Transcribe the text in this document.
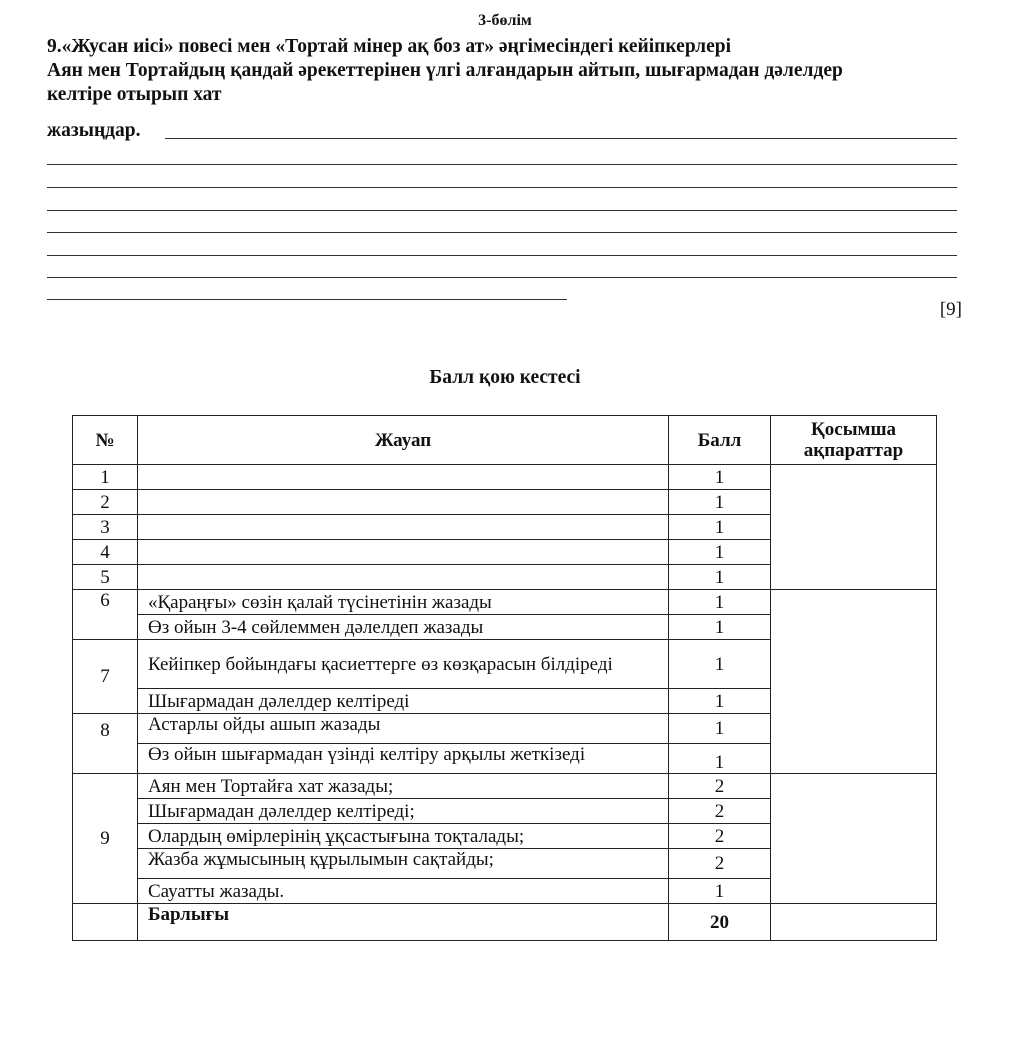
3-бөлім
9.«Жусан иісі» повесі мен «Тортай мінер ақ боз ат» әңгімесіндегі кейіпкерлері
Аян мен Тортайдың қандай әрекеттерінен үлгі алғандарын айтып, шығармадан дәлелдер
келтіре отырып хат
жазыңдар.
[9]
Балл қою кестесі
№	Жауап	Балл	Қосымша
ақпараттар
1		1	
2		1	
3		1	
4		1	
5		1	
6	«Қараңғы» сөзін қалай түсінетінін жазады	1	
	Өз ойын 3-4 сөйлеммен дәлелдеп жазады	1	
7	Кейіпкер бойындағы қасиеттерге өз көзқарасын білдіреді	1	
	Шығармадан дәлелдер келтіреді	1	
8	Астарлы ойды ашып жазады	1	
	Өз ойын шығармадан үзінді келтіру арқылы жеткізеді	1	
9	Аян мен Тортайға хат жазады;	2	
	Шығармадан дәлелдер келтіреді;	2	
	Олардың өмірлерінің ұқсастығына тоқталады;	2	
	Жазба жұмысының құрылымын сақтайды;	2	
	Сауатты жазады.	1	
	Барлығы	20	
